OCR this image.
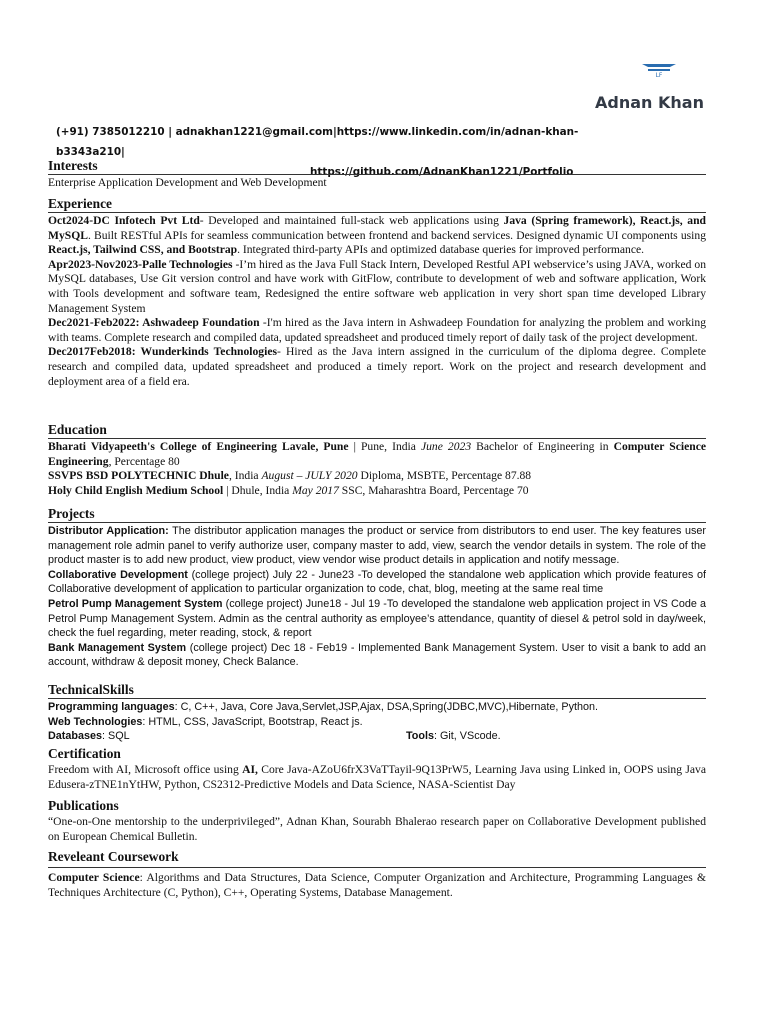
LF
Adnan Khan
(+91) 7385012210 | adnakhan1221@gmail.com|https://www.linkedin.com/in/adnan-khan-b3343a210|
https://github.com/AdnanKhan1221/Portfolio
Interests

Enterprise Application Development and Web Development

Experience

Oct2024-DC Infotech Pvt Ltd- Developed and maintained full-stack web applications using Java (Spring framework), React.js, and MySQL. Built RESTful APIs for seamless communication between frontend and backend services. Designed dynamic UI components using React.js, Tailwind CSS, and Bootstrap. Integrated third-party APIs and optimized database queries for improved performance.

Apr2023-Nov2023-Palle Technologies -I’m hired as the Java Full Stack Intern, Developed Restful API webservice’s using JAVA, worked on MySQL databases, Use Git version control and have work with GitFlow, contribute to development of web and software application, Work with Tools development and software team, Redesigned the entire software web application in very short span time developed Library Management System

Dec2021-Feb2022: Ashwadeep Foundation -I'm hired as the Java intern in Ashwadeep Foundation for analyzing the problem and working with teams. Complete research and compiled data, updated spreadsheet and produced timely report of daily task of the project development.

Dec2017Feb2018: Wunderkinds Technologies- Hired as the Java intern assigned in the curriculum of the diploma degree. Complete research and compiled data, updated spreadsheet and produced a timely report. Work on the project and research development and deployment area of a field era.

Education

Bharati Vidyapeeth's College of Engineering Lavale, Pune | Pune, India June 2023 Bachelor of Engineering in Computer Science Engineering, Percentage 80

SSVPS BSD POLYTECHNIC Dhule, India August – JULY 2020 Diploma, MSBTE, Percentage 87.88

Holy Child English Medium School | Dhule, India May 2017 SSC, Maharashtra Board, Percentage 70

Projects

Distributor Application: The distributor application manages the product or service from distributors to end user. The key features user management role admin panel to verify authorize user, company master to add, view, search the vendor details in system. The role of the product master is to add new product, view product, view vendor wise product details in application and notify message.

Collaborative Development (college project) July 22 - June23 -To developed the standalone web application which provide features of Collaborative development of application to particular organization to code, chat, blog, meeting at the same real time

Petrol Pump Management System (college project) June18 - Jul 19 -To developed the standalone web application project in VS Code a Petrol Pump Management System. Admin as the central authority as employee’s attendance, quantity of diesel & petrol sold in day/week, check the fuel regarding, meter reading, stock, & report

Bank Management System (college project) Dec 18 - Feb19 - Implemented Bank Management System. User to visit a bank to add an account, withdraw & deposit money, Check Balance.

TechnicalSkills

Programming languages: C, C++, Java, Core Java,Servlet,JSP,Ajax, DSA,Spring(JDBC,MVC),Hibernate, Python.

Web Technologies: HTML, CSS, JavaScript, Bootstrap, React js.

Databases: SQL	Tools: Git, VScode.
Certification

Freedom with AI, Microsoft office using AI, Core Java-AZoU6frX3VaTTayil-9Q13PrW5, Learning Java using Linked in, OOPS using Java Edusera-zTNE1nYtHW, Python, CS2312-Predictive Models and Data Science, NASA-Scientist Day

Publications

“One-on-One mentorship to the underprivileged”, Adnan Khan, Sourabh Bhalerao research paper on Collaborative Development published on European Chemical Bulletin.

Reveleant Coursework

Computer Science: Algorithms and Data Structures, Data Science, Computer Organization and Architecture, Programming Languages & Techniques Architecture (C, Python), C++, Operating Systems, Database Management.
